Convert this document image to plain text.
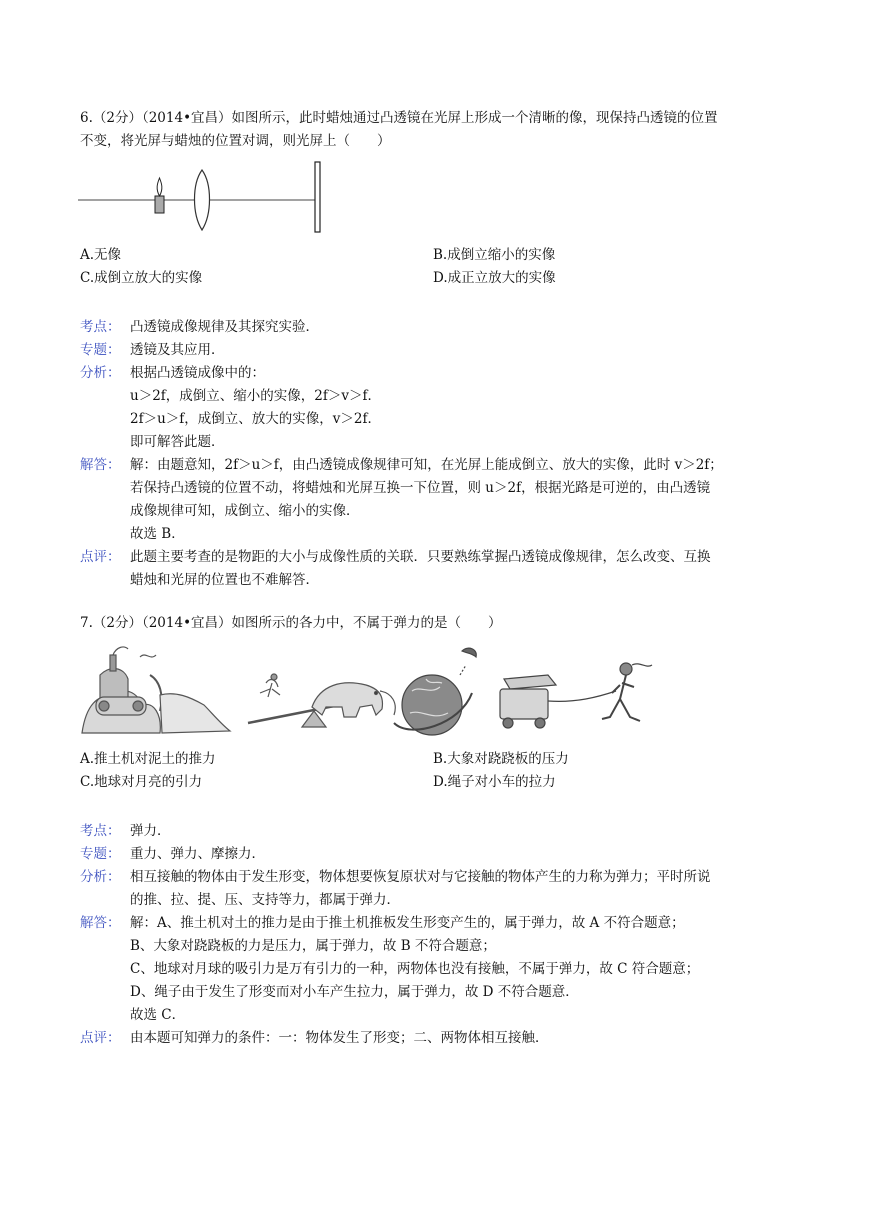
6.（2分）（2014•宜昌）如图所示，此时蜡烛通过凸透镜在光屏上形成一个清晰的像，现保持凸透镜的位置
不变，将光屏与蜡烛的位置对调，则光屏上（　　）
A.无像	B.成倒立缩小的实像
C.成倒立放大的实像	D.成正立放大的实像
考点： 凸透镜成像规律及其探究实验．
专题： 透镜及其应用．
分析： 根据凸透镜成像中的：
u＞2f，成倒立、缩小的实像，2f＞v＞f．
2f＞u＞f，成倒立、放大的实像，v＞2f．
即可解答此题．
解答： 解：由题意知，2f＞u＞f，由凸透镜成像规律可知，在光屏上能成倒立、放大的实像，此时 v＞2f；
若保持凸透镜的位置不动，将蜡烛和光屏互换一下位置，则 u＞2f，根据光路是可逆的，由凸透镜
成像规律可知，成倒立、缩小的实像．
故选 B．
点评： 此题主要考查的是物距的大小与成像性质的关联．只要熟练掌握凸透镜成像规律，怎么改变、互换
蜡烛和光屏的位置也不难解答．
7.（2分）（2014•宜昌）如图所示的各力中，不属于弹力的是（　　）
A.推土机对泥土的推力	B.大象对跷跷板的压力
C.地球对月亮的引力	D.绳子对小车的拉力
考点： 弹力．
专题： 重力、弹力、摩擦力．
分析： 相互接触的物体由于发生形变，物体想要恢复原状对与它接触的物体产生的力称为弹力；平时所说
的推、拉、提、压、支持等力，都属于弹力．
解答： 解：A、推土机对土的推力是由于推土机推板发生形变产生的，属于弹力，故 A 不符合题意；
B、大象对跷跷板的力是压力，属于弹力，故 B 不符合题意；
C、地球对月球的吸引力是万有引力的一种，两物体也没有接触，不属于弹力，故 C 符合题意；
D、绳子由于发生了形变而对小车产生拉力，属于弹力，故 D 不符合题意．
故选 C．
点评： 由本题可知弹力的条件：一：物体发生了形变；二、两物体相互接触．
